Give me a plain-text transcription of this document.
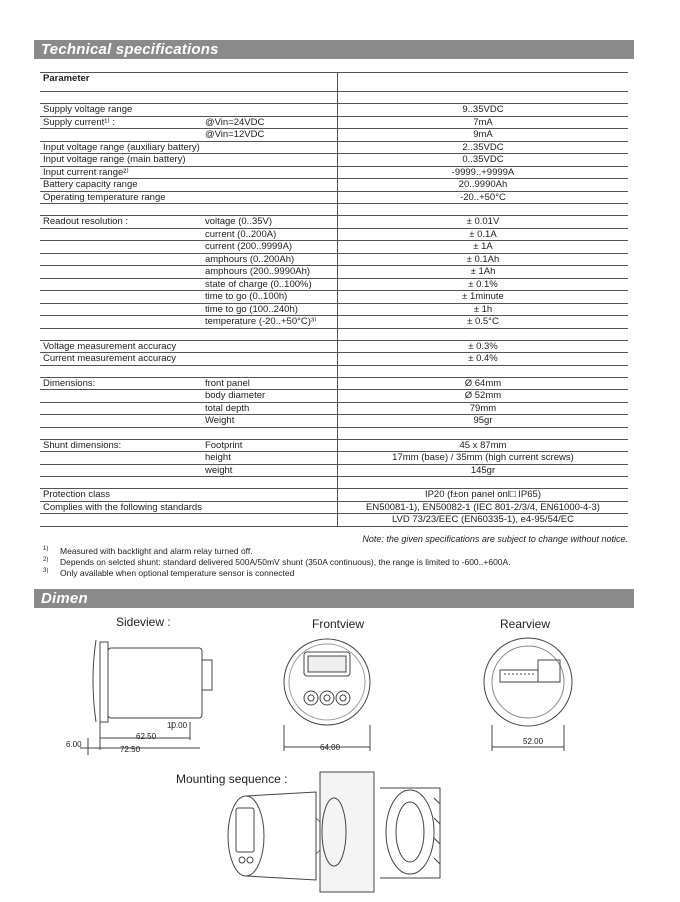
Technical specifications
Parameter		

Supply voltage range		9..35VDC
Supply current¹⁾ :	@Vin=24VDC	7mA
	@Vin=12VDC	9mA
Input voltage range (auxiliary battery)		2..35VDC
Input voltage range (main battery)		0..35VDC
Input current range²⁾		-9999..+9999A
Battery capacity range		20..9990Ah
Operating temperature range		-20..+50°C

Readout resolution :	voltage (0..35V)	± 0.01V
	current (0..200A)	± 0.1A
	current (200..9999A)	± 1A
	amphours (0..200Ah)	± 0.1Ah
	amphours (200..9990Ah)	± 1Ah
	state of charge (0..100%)	± 0.1%
	time to go (0..100h)	± 1minute
	time to go (100..240h)	± 1h
	temperature (-20..+50°C)³⁾	± 0.5°C

Voltage measurement accuracy		± 0.3%
Current measurement accuracy		± 0.4%

Dimensions:	front panel	Ø 64mm
	body diameter	Ø 52mm
	total depth	79mm
	Weight	95gr

Shunt dimensions:	Footprint	45 x 87mm
	height	17mm (base) / 35mm (high current screws)
	weight	145gr

Protection class		IP20 (f±on panel onl□ IP65)
Complies with the following standards		EN50081-1), EN50082-1 (IEC 801-2/3/4, EN61000-4-3)
		LVD 73/23/EEC (EN60335-1), e4-95/54/EC
Note: the given specifications are subject to change without notice.
$^{1)}$ Measured with backlight and alarm relay turned off.
$^{2)}$ Depends on selcted shunt: standard delivered 500A/50mV shunt (350A continuous), the range is limited to -600..+600A.
$^{3)}$ Only available when optional temperature sensor is connected
Dimen
Sideview :	Frontview	Rearview
Mounting sequence :
10.00
62.50
6.00
72.50	64.00
52.00
